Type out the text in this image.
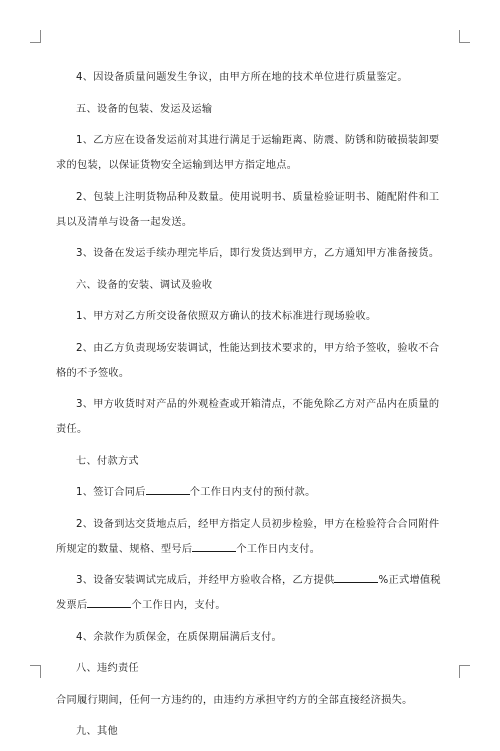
4、因设备质量问题发生争议，由甲方所在地的技术单位进行质量鉴定。

五、设备的包装、发运及运输

1、乙方应在设备发运前对其进行满足于运输距离、防震、防锈和防破损装卸要求的包装，以保证货物安全运输到达甲方指定地点。

2、包装上注明货物品种及数量。使用说明书、质量检验证明书、随配附件和工具以及清单与设备一起发送。

3、设备在发运手续办理完毕后，即行发货达到甲方，乙方通知甲方准备接货。

六、设备的安装、调试及验收

1、甲方对乙方所交设备依照双方确认的技术标准进行现场验收。

2、由乙方负责现场安装调试，性能达到技术要求的，甲方给予签收，验收不合格的不予签收。

3、甲方收货时对产品的外观检查或开箱清点，不能免除乙方对产品内在质量的责任。

七、付款方式

1、签订合同后	个工作日内支付的预付款。

2、设备到达交货地点后，经甲方指定人员初步检验，甲方在检验符合合同附件所规定的数量、规格、型号后	个工作日内支付。

3、设备安装调试完成后，并经甲方验收合格，乙方提供	%正式增值税发票后	个工作日内，支付。

4、余款作为质保金，在质保期届满后支付。

八、违约责任

合同履行期间，任何一方违约的，由违约方承担守约方的全部直接经济损失。

九、其他
